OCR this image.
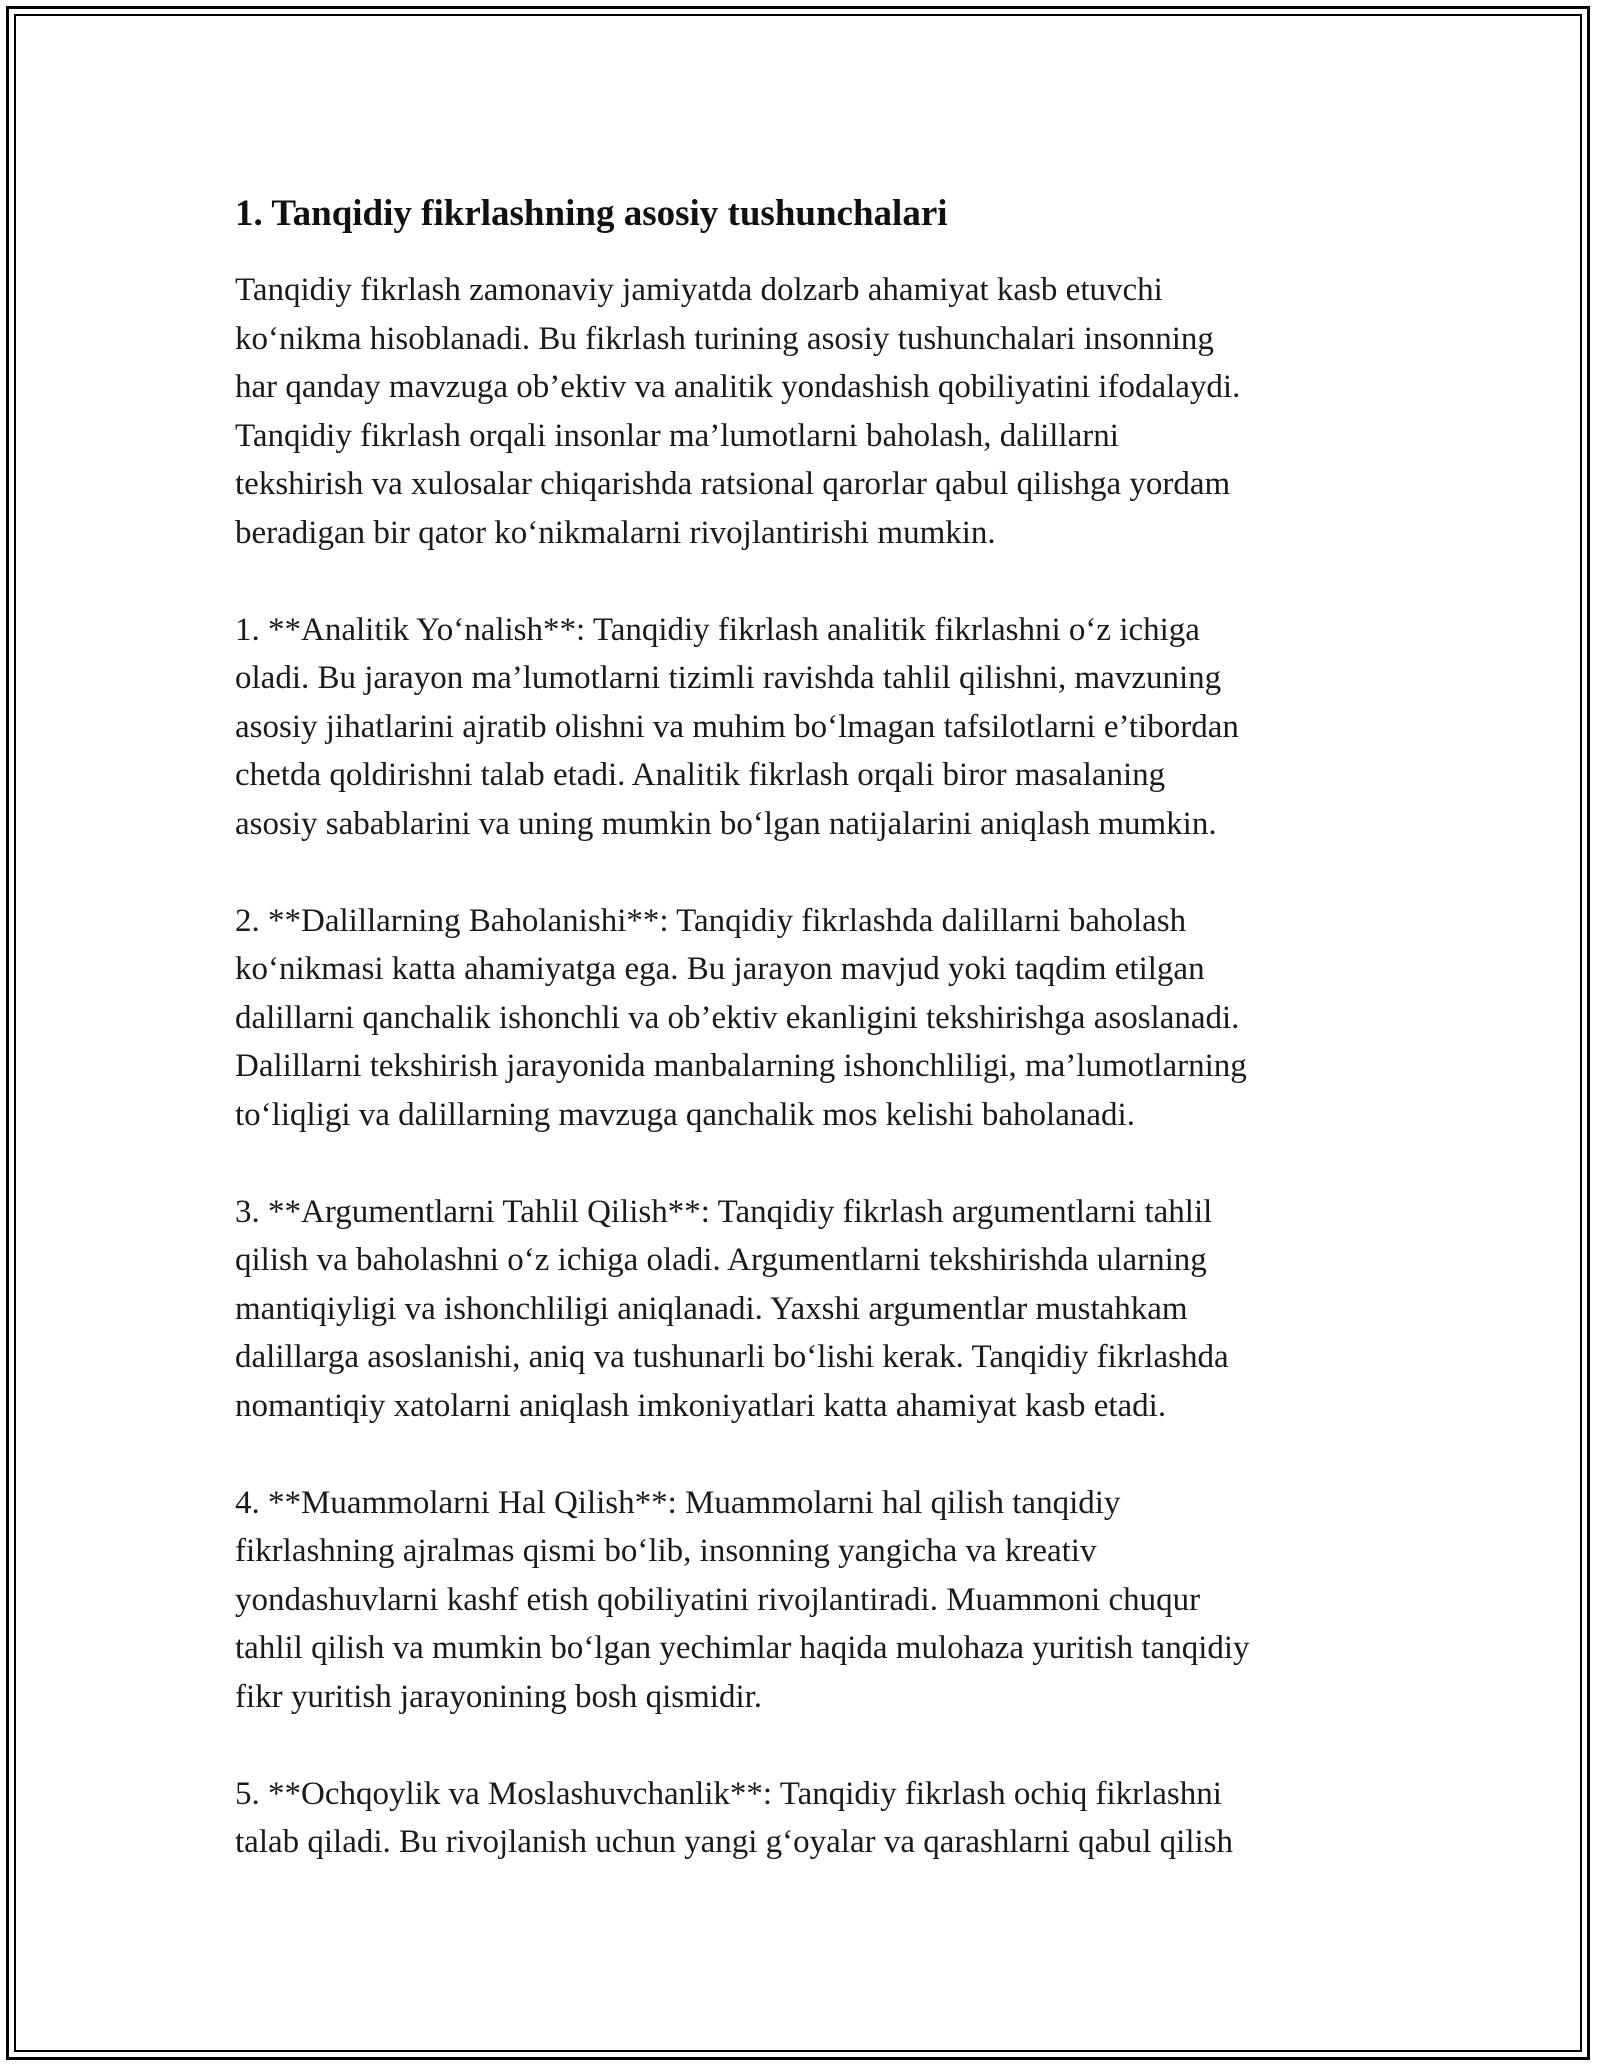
1. Tanqidiy fikrlashning asosiy tushunchalari

Tanqidiy fikrlash zamonaviy jamiyatda dolzarb ahamiyat kasb etuvchi
ko‘nikma hisoblanadi. Bu fikrlash turining asosiy tushunchalari insonning
har qanday mavzuga ob’ektiv va analitik yondashish qobiliyatini ifodalaydi.
Tanqidiy fikrlash orqali insonlar ma’lumotlarni baholash, dalillarni
tekshirish va xulosalar chiqarishda ratsional qarorlar qabul qilishga yordam
beradigan bir qator ko‘nikmalarni rivojlantirishi mumkin.

1. **Analitik Yo‘nalish**: Tanqidiy fikrlash analitik fikrlashni o‘z ichiga
oladi. Bu jarayon ma’lumotlarni tizimli ravishda tahlil qilishni, mavzuning
asosiy jihatlarini ajratib olishni va muhim bo‘lmagan tafsilotlarni e’tibordan
chetda qoldirishni talab etadi. Analitik fikrlash orqali biror masalaning
asosiy sabablarini va uning mumkin bo‘lgan natijalarini aniqlash mumkin.

2. **Dalillarning Baholanishi**: Tanqidiy fikrlashda dalillarni baholash
ko‘nikmasi katta ahamiyatga ega. Bu jarayon mavjud yoki taqdim etilgan
dalillarni qanchalik ishonchli va ob’ektiv ekanligini tekshirishga asoslanadi.
Dalillarni tekshirish jarayonida manbalarning ishonchliligi, ma’lumotlarning
to‘liqligi va dalillarning mavzuga qanchalik mos kelishi baholanadi.

3. **Argumentlarni Tahlil Qilish**: Tanqidiy fikrlash argumentlarni tahlil
qilish va baholashni o‘z ichiga oladi. Argumentlarni tekshirishda ularning
mantiqiyligi va ishonchliligi aniqlanadi. Yaxshi argumentlar mustahkam
dalillarga asoslanishi, aniq va tushunarli bo‘lishi kerak. Tanqidiy fikrlashda
nomantiqiy xatolarni aniqlash imkoniyatlari katta ahamiyat kasb etadi.

4. **Muammolarni Hal Qilish**: Muammolarni hal qilish tanqidiy
fikrlashning ajralmas qismi bo‘lib, insonning yangicha va kreativ
yondashuvlarni kashf etish qobiliyatini rivojlantiradi. Muammoni chuqur
tahlil qilish va mumkin bo‘lgan yechimlar haqida mulohaza yuritish tanqidiy
fikr yuritish jarayonining bosh qismidir.

5. **Ochqoylik va Moslashuvchanlik**: Tanqidiy fikrlash ochiq fikrlashni
talab qiladi. Bu rivojlanish uchun yangi g‘oyalar va qarashlarni qabul qilish
